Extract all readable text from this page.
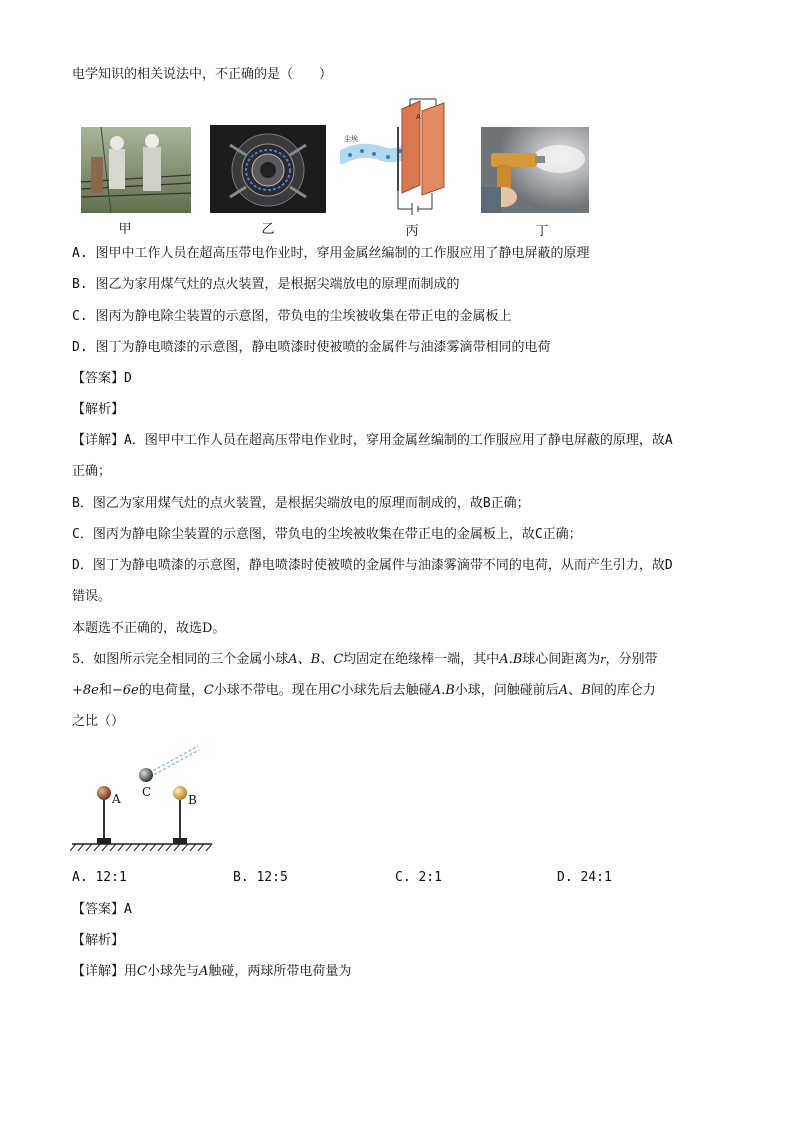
电学知识的相关说法中，不正确的是（　　）
甲	乙
A
尘埃
丙	丁
A. 图甲中工作人员在超高压带电作业时，穿用金属丝编制的工作服应用了静电屏蔽的原理
B. 图乙为家用煤气灶的点火装置，是根据尖端放电的原理而制成的
C. 图丙为静电除尘装置的示意图，带负电的尘埃被收集在带正电的金属板上
D. 图丁为静电喷漆的示意图，静电喷漆时使被喷的金属件与油漆雾滴带相同的电荷
【答案】D
【解析】
【详解】A．图甲中工作人员在超高压带电作业时，穿用金属丝编制的工作服应用了静电屏蔽的原理，故A
正确；
B．图乙为家用煤气灶的点火装置，是根据尖端放电的原理而制成的，故B正确；
C．图丙为静电除尘装置的示意图，带负电的尘埃被收集在带正电的金属板上，故C正确；
D．图丁为静电喷漆的示意图，静电喷漆时使被喷的金属件与油漆雾滴带不同的电荷，从而产生引力，故D
错误。
本题选不正确的，故选D。
5．如图所示完全相同的三个金属小球A、B、C均固定在绝缘棒一端，其中A.B球心间距离为r，分别带
+8e和−6e的电荷量，C小球不带电。现在用C小球先后去触碰A.B小球，问触碰前后A、B间的库仑力
之比（）
A C
B
A. 12:1	B. 12:5	C. 2:1	D. 24:1
【答案】A
【解析】
【详解】用C小球先与A触碰，两球所带电荷量为
